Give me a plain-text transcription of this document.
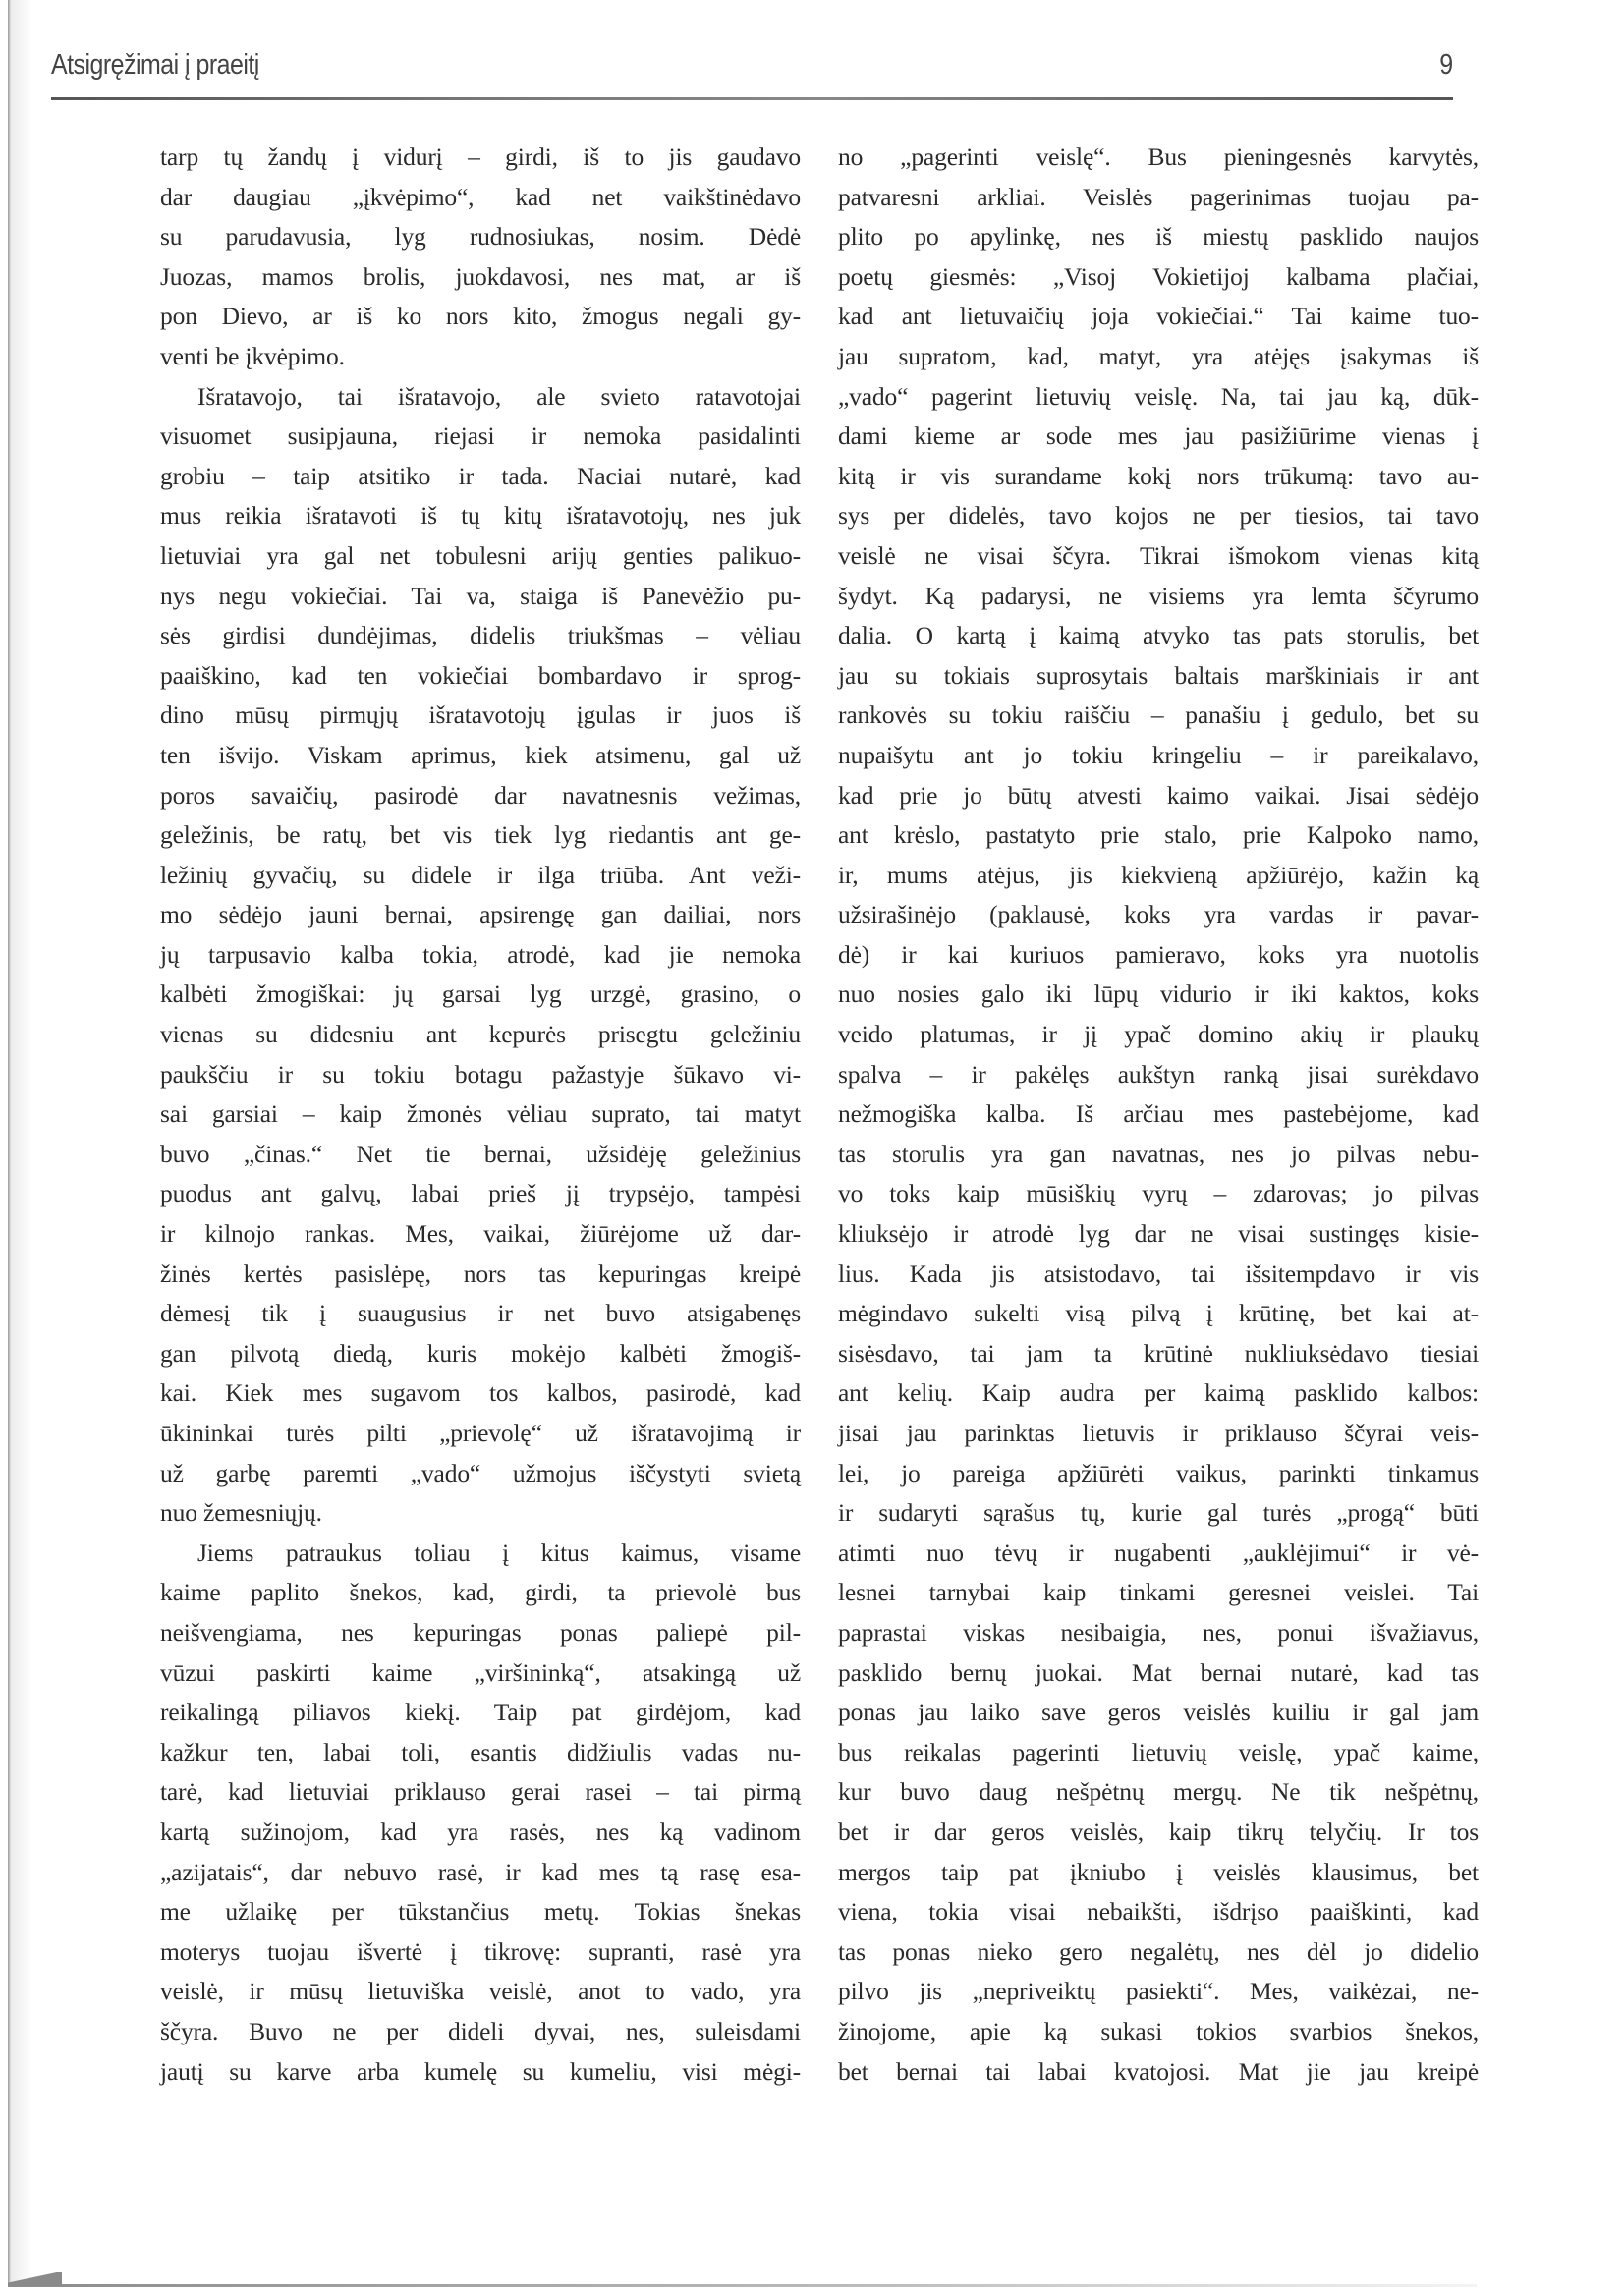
Atsigręžimai į praeitį	9
tarp tų žandų į vidurį – girdi, iš to jis gaudavo
dar daugiau „įkvėpimo“, kad net vaikštinėdavo
su parudavusia, lyg rudnosiukas, nosim. Dėdė
Juozas, mamos brolis, juokdavosi, nes mat, ar iš
pon Dievo, ar iš ko nors kito, žmogus negali gy-
venti be įkvėpimo.
Išratavojo, tai išratavojo, ale svieto ratavotojai
visuomet susipjauna, riejasi ir nemoka pasidalinti
grobiu – taip atsitiko ir tada. Naciai nutarė, kad
mus reikia išratavoti iš tų kitų išratavotojų, nes juk
lietuviai yra gal net tobulesni arijų genties palikuo-
nys negu vokiečiai. Tai va, staiga iš Panevėžio pu-
sės girdisi dundėjimas, didelis triukšmas – vėliau
paaiškino, kad ten vokiečiai bombardavo ir sprog-
dino mūsų pirmųjų išratavotojų įgulas ir juos iš
ten išvijo. Viskam aprimus, kiek atsimenu, gal už
poros savaičių, pasirodė dar navatnesnis vežimas,
geležinis, be ratų, bet vis tiek lyg riedantis ant ge-
ležinių gyvačių, su didele ir ilga triūba. Ant veži-
mo sėdėjo jauni bernai, apsirengę gan dailiai, nors
jų tarpusavio kalba tokia, atrodė, kad jie nemoka
kalbėti žmogiškai: jų garsai lyg urzgė, grasino, o
vienas su didesniu ant kepurės prisegtu geležiniu
paukščiu ir su tokiu botagu pažastyje šūkavo vi-
sai garsiai – kaip žmonės vėliau suprato, tai matyt
buvo „činas.“ Net tie bernai, užsidėję geležinius
puodus ant galvų, labai prieš jį trypsėjo, tampėsi
ir kilnojo rankas. Mes, vaikai, žiūrėjome už dar-
žinės kertės pasislėpę, nors tas kepuringas kreipė
dėmesį tik į suaugusius ir net buvo atsigabenęs
gan pilvotą diedą, kuris mokėjo kalbėti žmogiš-
kai. Kiek mes sugavom tos kalbos, pasirodė, kad
ūkininkai turės pilti „prievolę“ už išratavojimą ir
už garbę paremti „vado“ užmojus iščystyti svietą
nuo žemesniųjų.
Jiems patraukus toliau į kitus kaimus, visame
kaime paplito šnekos, kad, girdi, ta prievolė bus
neišvengiama, nes kepuringas ponas paliepė pil-
vūzui paskirti kaime „viršininką“, atsakingą už
reikalingą piliavos kiekį. Taip pat girdėjom, kad
kažkur ten, labai toli, esantis didžiulis vadas nu-
tarė, kad lietuviai priklauso gerai rasei – tai pirmą
kartą sužinojom, kad yra rasės, nes ką vadinom
„azijatais“, dar nebuvo rasė, ir kad mes tą rasę esa-
me užlaikę per tūkstančius metų. Tokias šnekas
moterys tuojau išvertė į tikrovę: supranti, rasė yra
veislė, ir mūsų lietuviška veislė, anot to vado, yra
ščyra. Buvo ne per dideli dyvai, nes, suleisdami
jautį su karve arba kumelę su kumeliu, visi mėgi-
no „pagerinti veislę“. Bus pieningesnės karvytės,
patvaresni arkliai. Veislės pagerinimas tuojau pa-
plito po apylinkę, nes iš miestų pasklido naujos
poetų giesmės: „Visoj Vokietijoj kalbama plačiai,
kad ant lietuvaičių joja vokiečiai.“ Tai kaime tuo-
jau supratom, kad, matyt, yra atėjęs įsakymas iš
„vado“ pagerint lietuvių veislę. Na, tai jau ką, dūk-
dami kieme ar sode mes jau pasižiūrime vienas į
kitą ir vis surandame kokį nors trūkumą: tavo au-
sys per didelės, tavo kojos ne per tiesios, tai tavo
veislė ne visai ščyra. Tikrai išmokom vienas kitą
šydyt. Ką padarysi, ne visiems yra lemta ščyrumo
dalia. O kartą į kaimą atvyko tas pats storulis, bet
jau su tokiais suprosytais baltais marškiniais ir ant
rankovės su tokiu raiščiu – panašiu į gedulo, bet su
nupaišytu ant jo tokiu kringeliu – ir pareikalavo,
kad prie jo būtų atvesti kaimo vaikai. Jisai sėdėjo
ant krėslo, pastatyto prie stalo, prie Kalpoko namo,
ir, mums atėjus, jis kiekvieną apžiūrėjo, kažin ką
užsirašinėjo (paklausė, koks yra vardas ir pavar-
dė) ir kai kuriuos pamieravo, koks yra nuotolis
nuo nosies galo iki lūpų vidurio ir iki kaktos, koks
veido platumas, ir jį ypač domino akių ir plaukų
spalva – ir pakėlęs aukštyn ranką jisai surėkdavo
nežmogiška kalba. Iš arčiau mes pastebėjome, kad
tas storulis yra gan navatnas, nes jo pilvas nebu-
vo toks kaip mūsiškių vyrų – zdarovas; jo pilvas
kliuksėjo ir atrodė lyg dar ne visai sustingęs kisie-
lius. Kada jis atsistodavo, tai išsitempdavo ir vis
mėgindavo sukelti visą pilvą į krūtinę, bet kai at-
sisėsdavo, tai jam ta krūtinė nukliuksėdavo tiesiai
ant kelių. Kaip audra per kaimą pasklido kalbos:
jisai jau parinktas lietuvis ir priklauso ščyrai veis-
lei, jo pareiga apžiūrėti vaikus, parinkti tinkamus
ir sudaryti sąrašus tų, kurie gal turės „progą“ būti
atimti nuo tėvų ir nugabenti „auklėjimui“ ir vė-
lesnei tarnybai kaip tinkami geresnei veislei. Tai
paprastai viskas nesibaigia, nes, ponui išvažiavus,
pasklido bernų juokai. Mat bernai nutarė, kad tas
ponas jau laiko save geros veislės kuiliu ir gal jam
bus reikalas pagerinti lietuvių veislę, ypač kaime,
kur buvo daug nešpėtnų mergų. Ne tik nešpėtnų,
bet ir dar geros veislės, kaip tikrų telyčių. Ir tos
mergos taip pat įkniubo į veislės klausimus, bet
viena, tokia visai nebaikšti, išdrįso paaiškinti, kad
tas ponas nieko gero negalėtų, nes dėl jo didelio
pilvo jis „nepriveiktų pasiekti“. Mes, vaikėzai, ne-
žinojome, apie ką sukasi tokios svarbios šnekos,
bet bernai tai labai kvatojosi. Mat jie jau kreipė
